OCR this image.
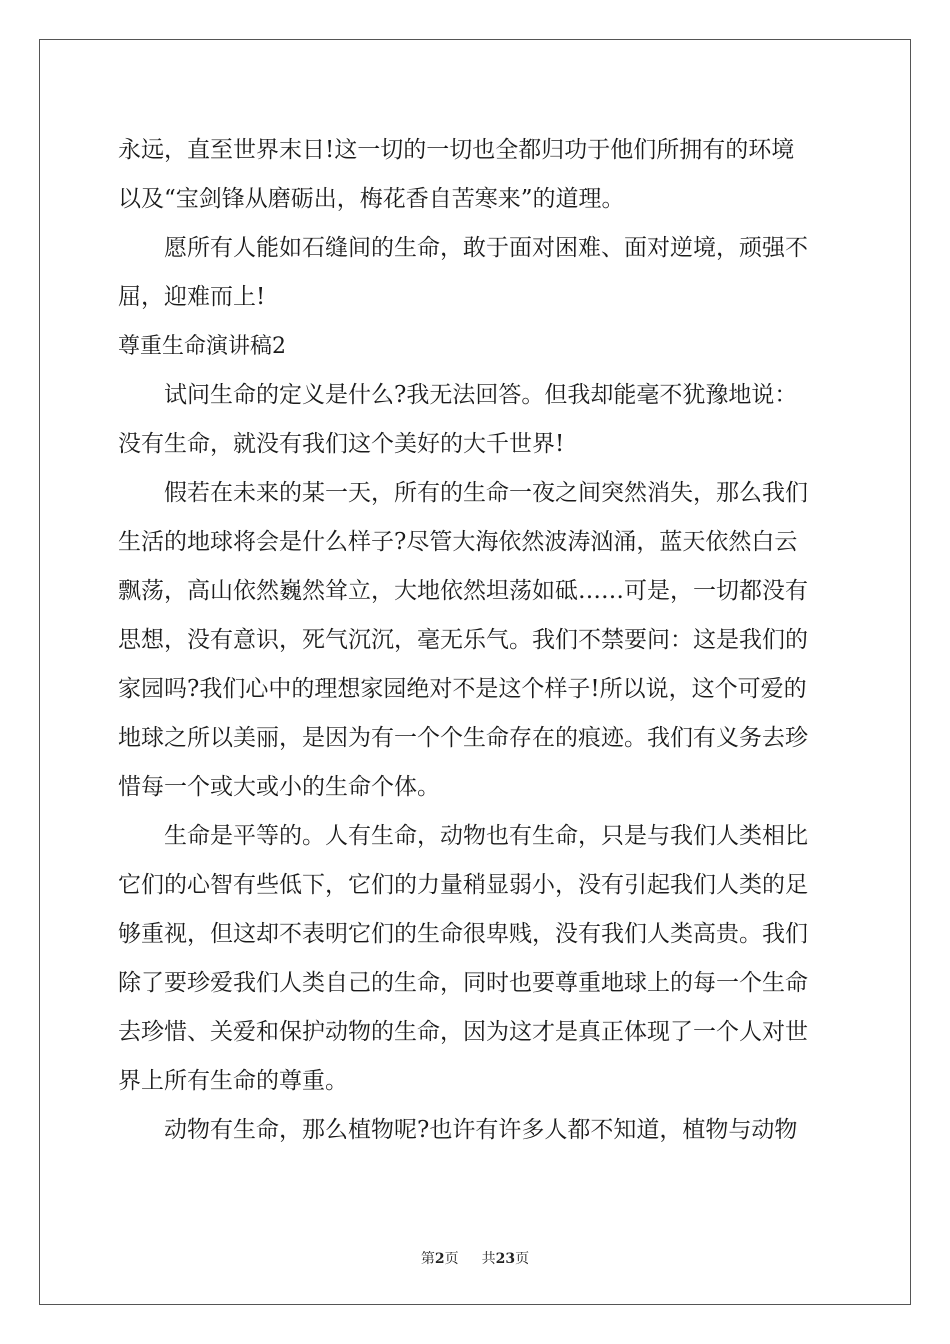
永远，直至世界末日!这一切的一切也全都归功于他们所拥有的环境
以及“宝剑锋从磨砺出，梅花香自苦寒来”的道理。
愿所有人能如石缝间的生命，敢于面对困难、面对逆境，顽强不
屈，迎难而上!
尊重生命演讲稿2
试问生命的定义是什么?我无法回答。但我却能毫不犹豫地说：
没有生命，就没有我们这个美好的大千世界!
假若在未来的某一天，所有的生命一夜之间突然消失，那么我们
生活的地球将会是什么样子?尽管大海依然波涛汹涌，蓝天依然白云
飘荡，高山依然巍然耸立，大地依然坦荡如砥……可是，一切都没有
思想，没有意识，死气沉沉，毫无乐气。我们不禁要问：这是我们的
家园吗?我们心中的理想家园绝对不是这个样子!所以说，这个可爱的
地球之所以美丽，是因为有一个个生命存在的痕迹。我们有义务去珍
惜每一个或大或小的生命个体。
生命是平等的。人有生命，动物也有生命，只是与我们人类相比
它们的心智有些低下，它们的力量稍显弱小，没有引起我们人类的足
够重视，但这却不表明它们的生命很卑贱，没有我们人类高贵。我们
除了要珍爱我们人类自己的生命，同时也要尊重地球上的每一个生命
去珍惜、关爱和保护动物的生命，因为这才是真正体现了一个人对世
界上所有生命的尊重。
动物有生命，那么植物呢?也许有许多人都不知道，植物与动物
第2页 共23页
